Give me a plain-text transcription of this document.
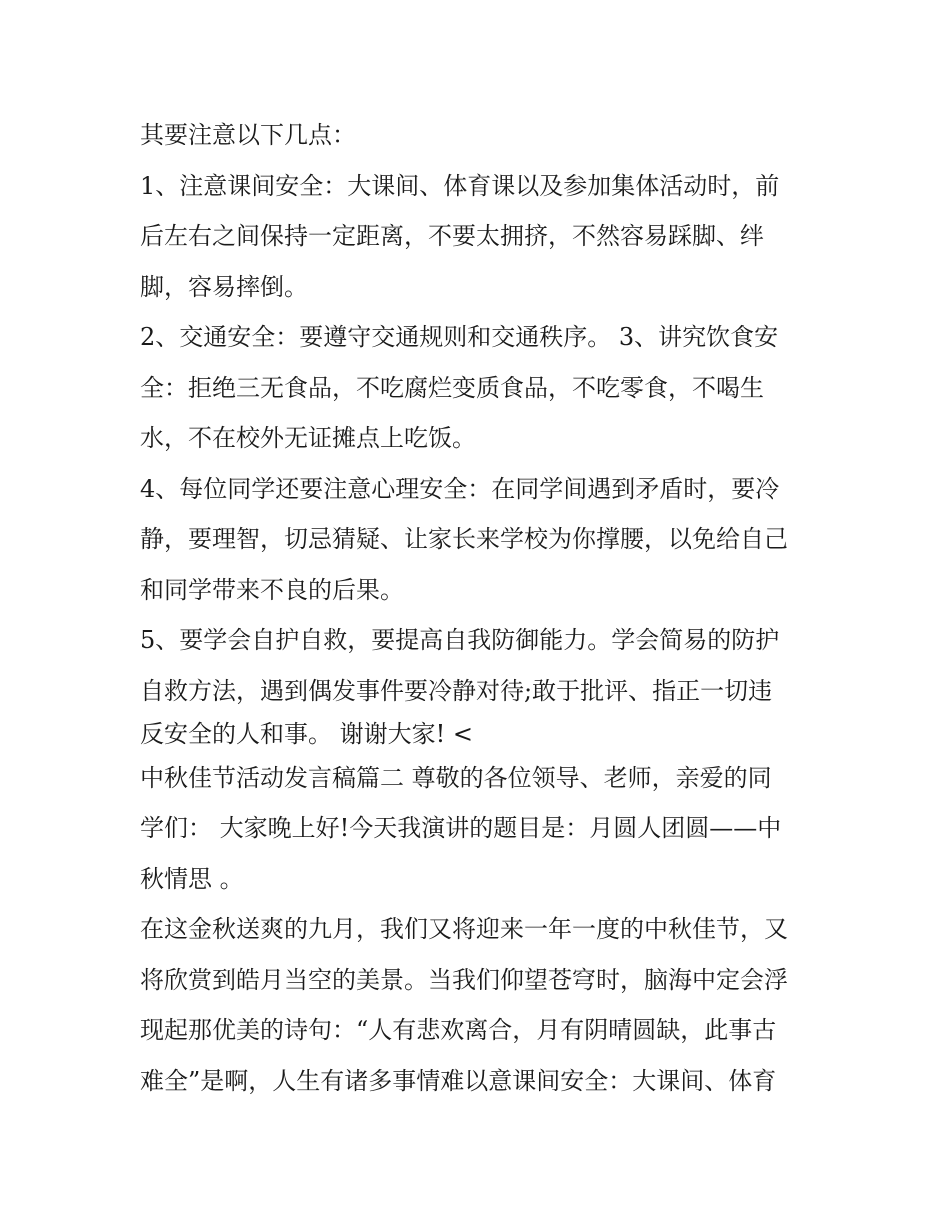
其要注意以下几点：
1、注意课间安全：大课间、体育课以及参加集体活动时，前
后左右之间保持一定距离，不要太拥挤，不然容易踩脚、绊
脚，容易摔倒。
2、交通安全：要遵守交通规则和交通秩序。 3、讲究饮食安
全：拒绝三无食品，不吃腐烂变质食品，不吃零食，不喝生
水，不在校外无证摊点上吃饭。
4、每位同学还要注意心理安全：在同学间遇到矛盾时，要冷
静，要理智，切忌猜疑、让家长来学校为你撑腰，以免给自己
和同学带来不良的后果。
5、要学会自护自救，要提高自我防御能力。学会简易的防护
自救方法，遇到偶发事件要冷静对待;敢于批评、指正一切违
反安全的人和事。 谢谢大家! <
中秋佳节活动发言稿篇二 尊敬的各位领导、老师，亲爱的同
学们： 大家晚上好!今天我演讲的题目是：月圆人团圆——中
秋情思 。
在这金秋送爽的九月，我们又将迎来一年一度的中秋佳节，又
将欣赏到皓月当空的美景。当我们仰望苍穹时，脑海中定会浮
现起那优美的诗句：“人有悲欢离合，月有阴晴圆缺，此事古
难全”是啊，人生有诸多事情难以意课间安全：大课间、体育
